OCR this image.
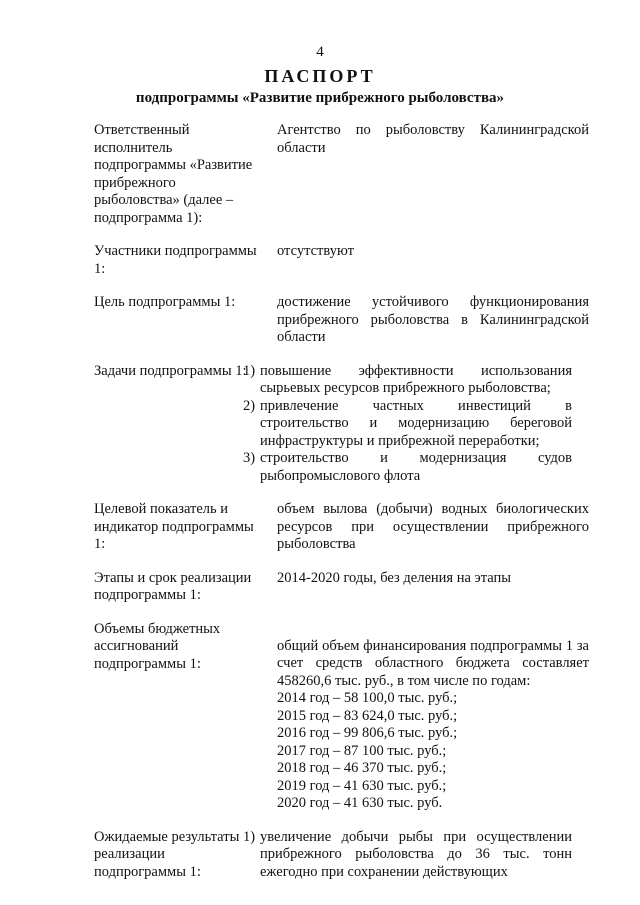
4
ПАСПОРТ
подпрограммы «Развитие прибрежного рыболовства»
Ответственный исполнитель подпрограммы «Развитие прибрежного рыболовства» (далее – подпрограмма 1):
Агентство по рыболовству Калининградской области
Участники подпрограммы 1:
отсутствуют
Цель подпрограммы 1:	достижение устойчивого функционирования прибрежного рыболовства в Калининградской области
Задачи подпрограммы 1:
1) повышение эффективности использования сырьевых ресурсов прибрежного рыболовства;
2) привлечение частных инвестиций в строительство и модернизацию береговой инфраструктуры и прибрежной переработки;
3) строительство и модернизация судов рыбопромыслового флота
Целевой показатель и индикатор подпрограммы 1:
объем вылова (добычи) водных биологических ресурсов при осуществлении прибрежного рыболовства
Этапы и срок реализации подпрограммы 1:
2014-2020 годы, без деления на этапы
Объемы бюджетных ассигнований подпрограммы 1:
общий объем финансирования подпрограммы 1 за счет средств областного бюджета составляет 458260,6 тыс. руб., в том числе по годам:
2014 год – 58 100,0 тыс. руб.;
2015 год – 83 624,0 тыс. руб.;
2016 год – 99 806,6 тыс. руб.;
2017 год – 87 100 тыс. руб.;
2018 год – 46 370 тыс. руб.;
2019 год – 41 630 тыс. руб.;
2020 год – 41 630 тыс. руб.
Ожидаемые результаты реализации подпрограммы 1:
1) увеличение добычи рыбы при осуществлении прибрежного рыболовства до 36 тыс. тонн ежегодно при сохранении действующих
